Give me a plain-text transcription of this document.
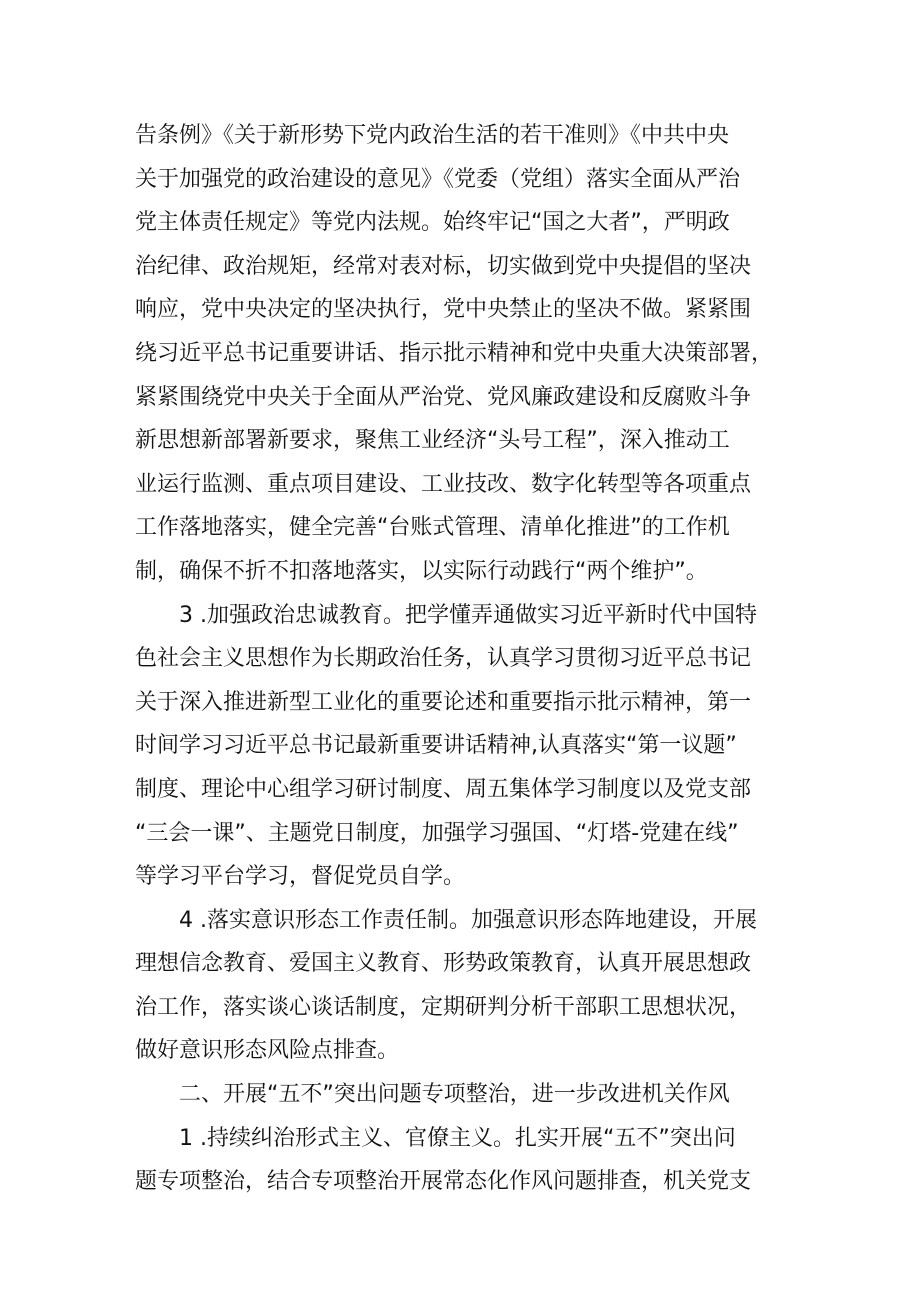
告条例》《关于新形势下党内政治生活的若干准则》《中共中央
关于加强党的政治建设的意见》《党委（党组）落实全面从严治
党主体责任规定》等党内法规。始终牢记“国之大者”，严明政
治纪律、政治规矩，经常对表对标，切实做到党中央提倡的坚决
响应，党中央决定的坚决执行，党中央禁止的坚决不做。紧紧围
绕习近平总书记重要讲话、指示批示精神和党中央重大决策部署，
紧紧围绕党中央关于全面从严治党、党风廉政建设和反腐败斗争
新思想新部署新要求，聚焦工业经济“头号工程”，深入推动工
业运行监测、重点项目建设、工业技改、数字化转型等各项重点
工作落地落实，健全完善“台账式管理、清单化推进”的工作机
制，确保不折不扣落地落实，以实际行动践行“两个维护”。
3 .加强政治忠诚教育。把学懂弄通做实习近平新时代中国特
色社会主义思想作为长期政治任务，认真学习贯彻习近平总书记
关于深入推进新型工业化的重要论述和重要指示批示精神，第一
时间学习习近平总书记最新重要讲话精神,认真落实“第一议题”
制度、理论中心组学习研讨制度、周五集体学习制度以及党支部
“三会一课”、主题党日制度，加强学习强国、“灯塔-党建在线”
等学习平台学习，督促党员自学。
4 .落实意识形态工作责任制。加强意识形态阵地建设，开展
理想信念教育、爱国主义教育、形势政策教育，认真开展思想政
治工作，落实谈心谈话制度，定期研判分析干部职工思想状况，
做好意识形态风险点排查。
二、开展“五不”突出问题专项整治，进一步改进机关作风
1 .持续纠治形式主义、官僚主义。扎实开展“五不”突出问
题专项整治，结合专项整治开展常态化作风问题排查，机关党支
